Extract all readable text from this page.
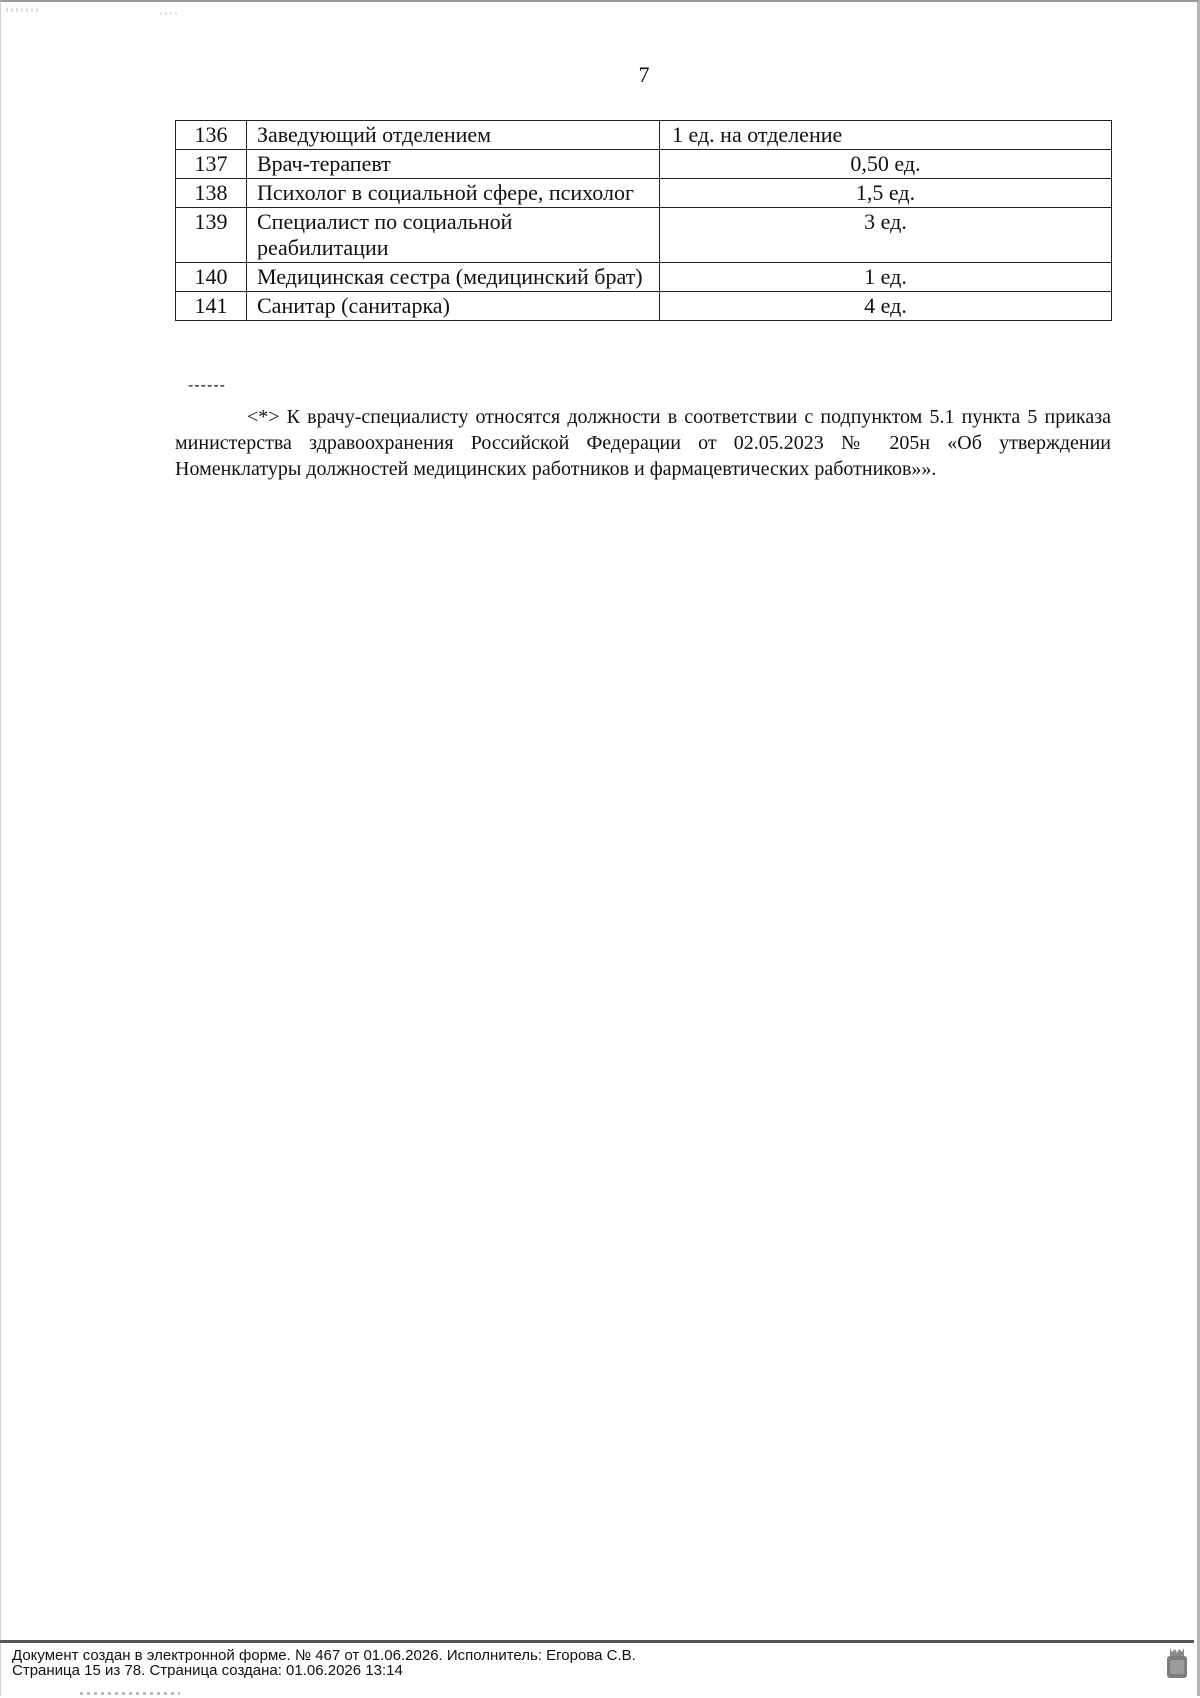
7
136	Заведующий отделением	1 ед. на отделение
137	Врач-терапевт	0,50 ед.
138	Психолог в социальной сфере, психолог	1,5 ед.
139	Специалист по социальной реабилитации	3 ед.
140	Медицинская сестра (медицинский брат)	1 ед.
141	Санитар (санитарка)	4 ед.
------
<*> К врачу-специалисту относятся должности в соответствии с подпунктом 5.1 пункта 5 приказа министерства здравоохранения Российской Федерации от 02.05.2023 № 205н «Об утверждении Номенклатуры должностей медицинских работников и фармацевтических работников»».
Документ создан в электронной форме. № 467 от 01.06.2026. Исполнитель: Егорова С.В.
Страница 15 из 78. Страница создана: 01.06.2026 13:14
